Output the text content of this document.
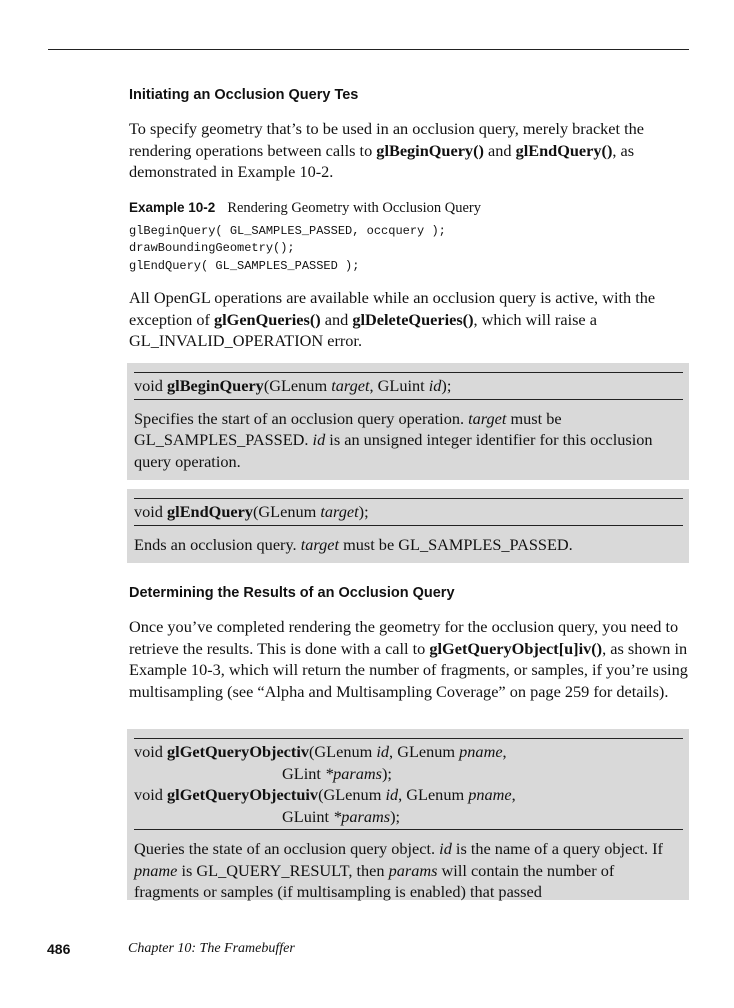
Initiating an Occlusion Query Tes

To specify geometry that’s to be used in an occlusion query, merely bracket the rendering operations between calls to glBeginQuery() and glEndQuery(), as demonstrated in Example 10-2.

Example 10-2 Rendering Geometry with Occlusion Query
glBeginQuery( GL_SAMPLES_PASSED, occquery );
drawBoundingGeometry();
glEndQuery( GL_SAMPLES_PASSED );

All OpenGL operations are available while an occlusion query is active, with the exception of glGenQueries() and glDeleteQueries(), which will raise a GL_INVALID_OPERATION error.

void glBeginQuery(GLenum target, GLuint id);
Specifies the start of an occlusion query operation. target must be GL_SAMPLES_PASSED. id is an unsigned integer identifier for this occlusion query operation.
void glEndQuery(GLenum target);
Ends an occlusion query. target must be GL_SAMPLES_PASSED.
Determining the Results of an Occlusion Query

Once you’ve completed rendering the geometry for the occlusion query, you need to retrieve the results. This is done with a call to glGetQueryObject[u]iv(), as shown in Example 10-3, which will return the number of fragments, or samples, if you’re using multisampling (see “Alpha and Multisampling Coverage” on page 259 for details).

void glGetQueryObjectiv(GLenum id, GLenum pname,
GLint *params);
void glGetQueryObjectuiv(GLenum id, GLenum pname,
GLuint *params);
Queries the state of an occlusion query object. id is the name of a query object. If pname is GL_QUERY_RESULT, then params will contain the number of fragments or samples (if multisampling is enabled) that passed
486	Chapter 10: The Framebuffer
